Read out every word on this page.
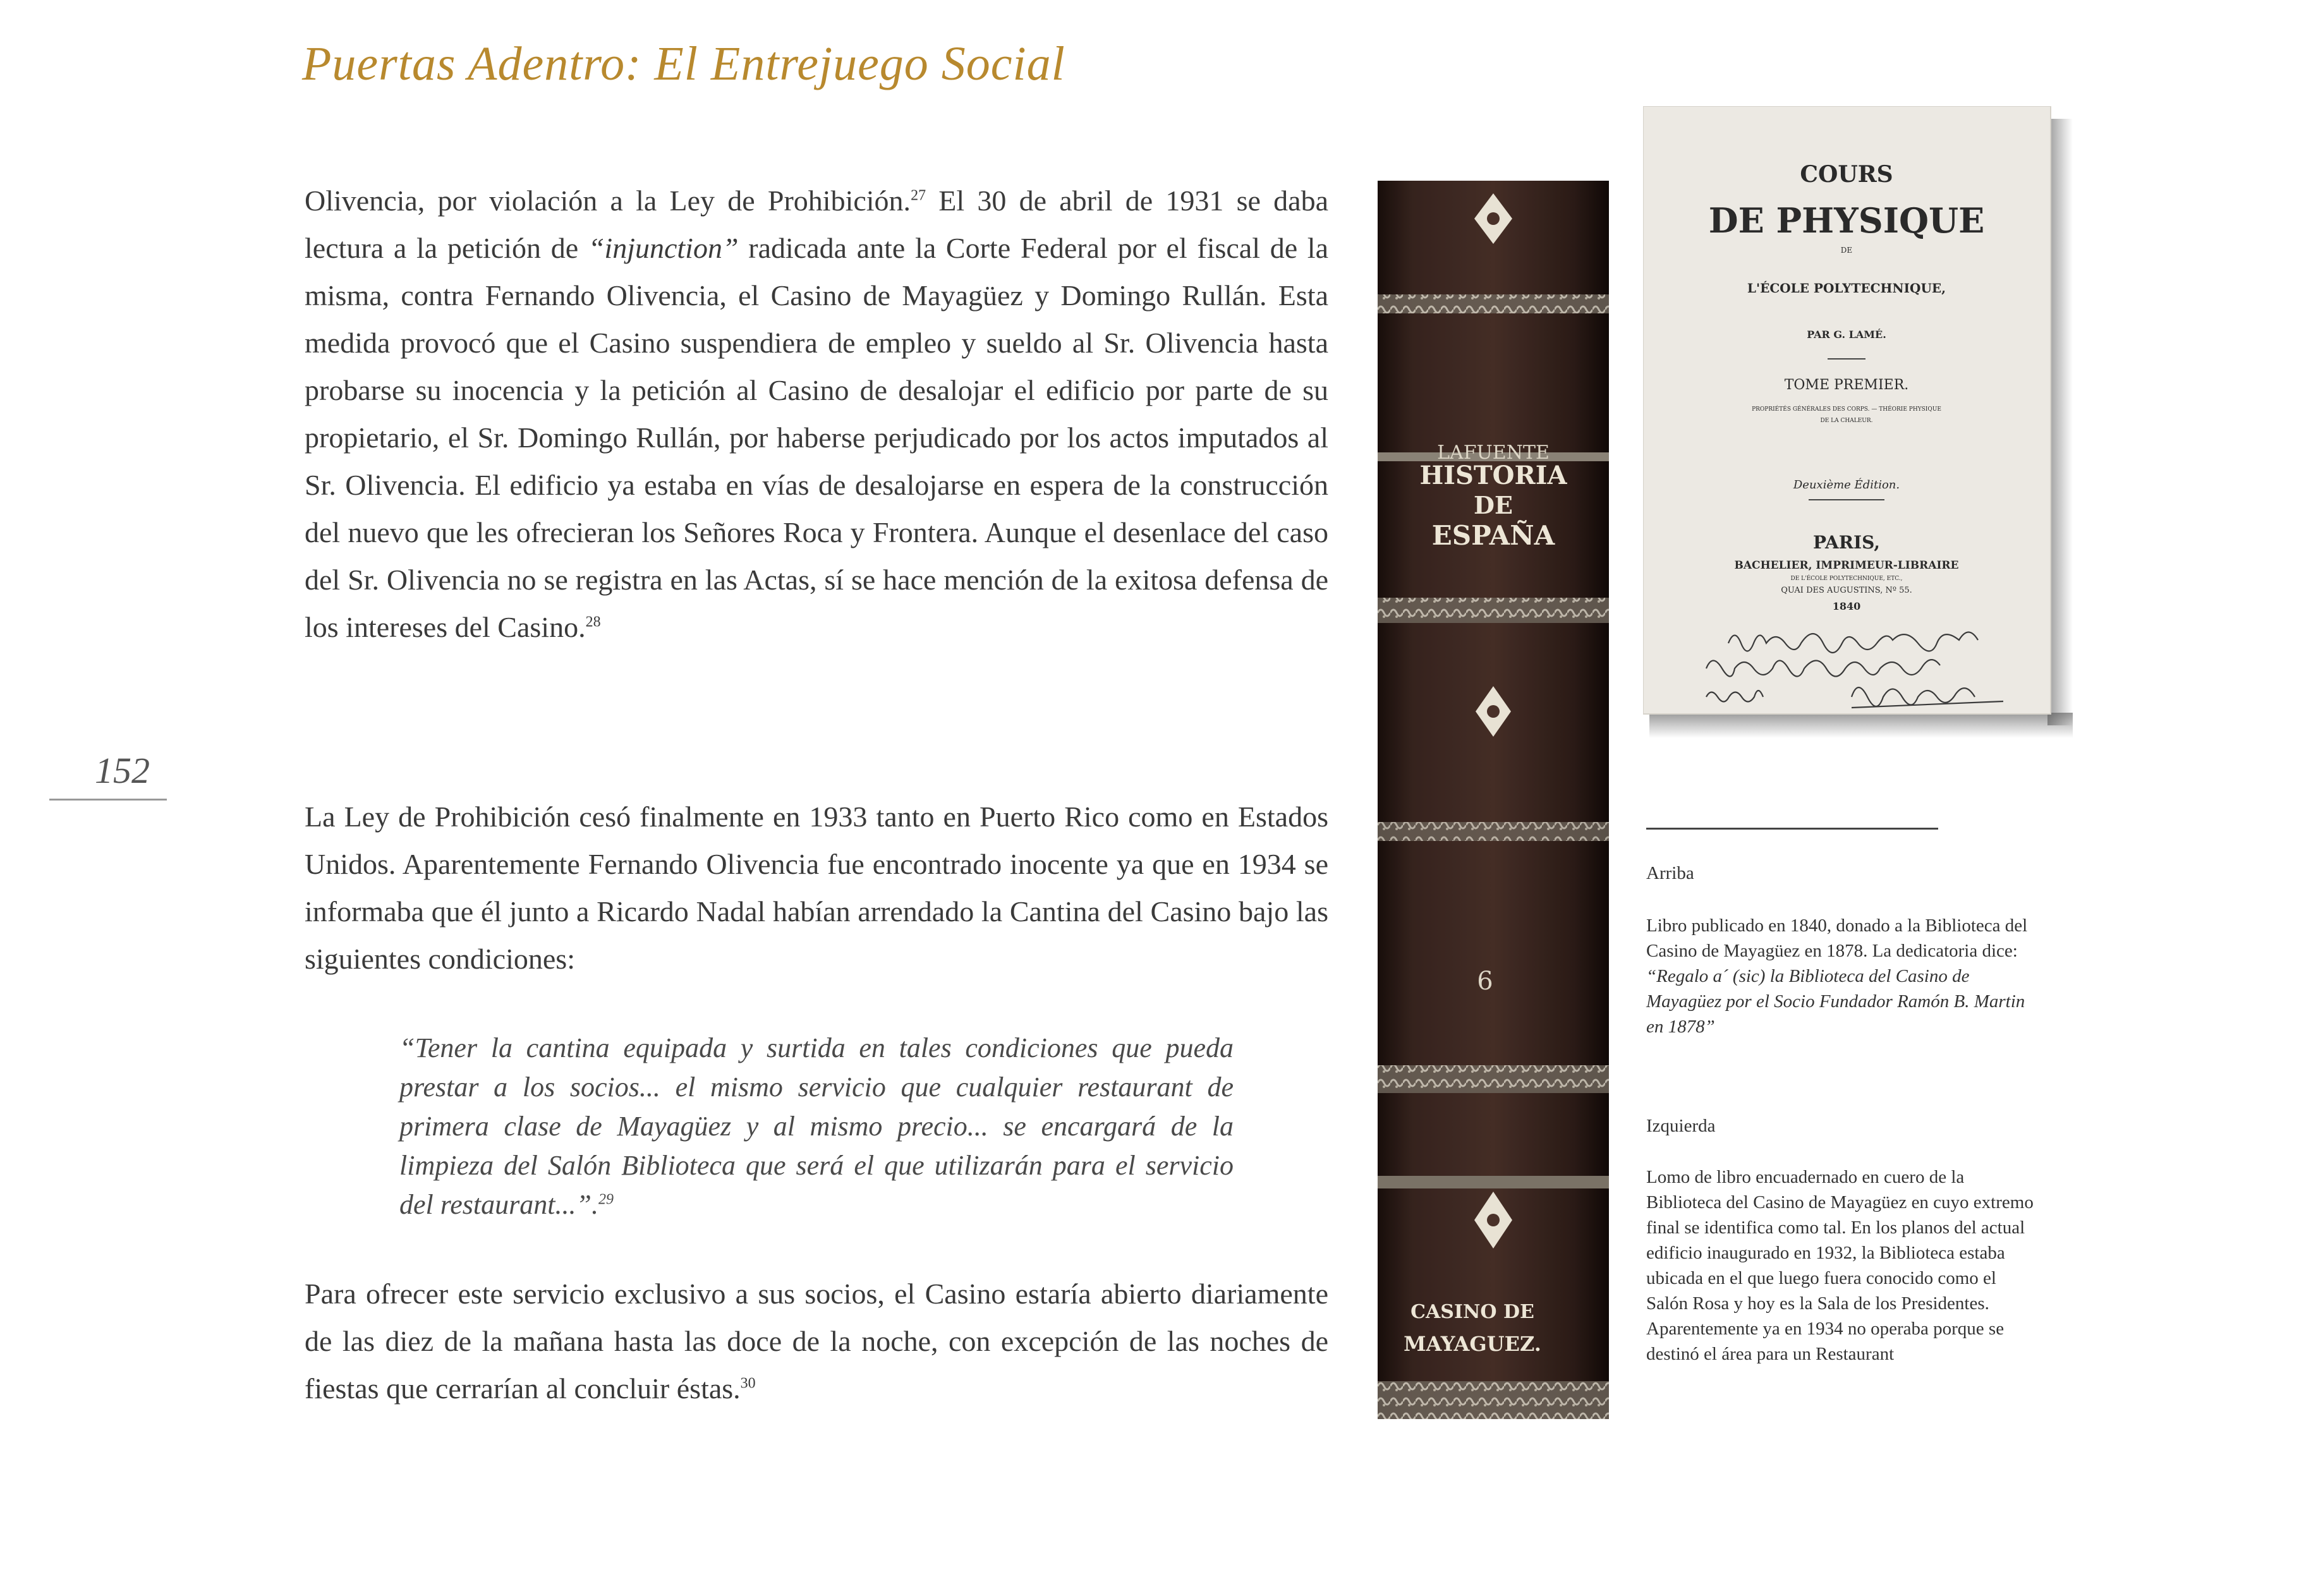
Puertas Adentro: El Entrejuego Social
152

Olivencia, por violación a la Ley de Prohibición.$^{27}$ El 30 de abril de 1931 se daba lectura a la petición de “injunction” radicada ante la Corte Federal por el fiscal de la misma, contra Fernando Olivencia, el Casino de Mayagüez y Domingo Rullán. Esta medida provocó que el Casino suspendiera de empleo y sueldo al Sr. Olivencia hasta probarse su inocencia y la petición al Casino de desalojar el edificio por parte de su propietario, el Sr. Domingo Rullán, por haberse perjudicado por los actos imputados al Sr. Olivencia. El edificio ya estaba en vías de desalojarse en espera de la construcción del nuevo que les ofrecieran los Señores Roca y Frontera. Aunque el desenlace del caso del Sr. Olivencia no se registra en las Actas, sí se hace mención de la exitosa defensa de los intereses del Casino.$^{28}$

La Ley de Prohibición cesó finalmente en 1933 tanto en Puerto Rico como en Estados Unidos. Aparentemente Fernando Olivencia fue encontrado inocente ya que en 1934 se informaba que él junto a Ricardo Nadal habían arrendado la Cantina del Casino bajo las siguientes condiciones:

“Tener la cantina equipada y surtida en tales condiciones que pueda prestar a los socios... el mismo servicio que cualquier restaurant de primera clase de Mayagüez y al mismo precio... se encargará de la limpieza del Salón Biblioteca que será el que utilizarán para el servicio del restaurant...”.$^{29}$

Para ofrecer este servicio exclusivo a sus socios, el Casino estaría abierto diariamente de las diez de la mañana hasta las doce de la noche, con excepción de las noches de fiestas que cerrarían al concluir éstas.$^{30}$

LAFUENTE
HISTORIA
DE
ESPAÑA
6
CASINO DE
MAYAGUEZ.
COURS
DE PHYSIQUE
DE
L'ÉCOLE POLYTECHNIQUE,
PAR G. LAMÉ.
TOME PREMIER.
PROPRIÉTÉS GÉNÉRALES DES CORPS. — THÉORIE PHYSIQUE
DE LA CHALEUR.
Deuxième Édition.
PARIS,
BACHELIER, IMPRIMEUR-LIBRAIRE
DE L'ÉCOLE POLYTECHNIQUE, ETC.,
QUAI DES AUGUSTINS, Nº 55.
1840

Arriba

Libro publicado en 1840, donado a la Biblioteca del Casino de Mayagüez en 1878. La dedicatoria dice: “Regalo a´ (sic) la Biblioteca del Casino de Mayagüez por el Socio Fundador Ramón B. Martin en 1878”

Izquierda

Lomo de libro encuadernado en cuero de la Biblioteca del Casino de Mayagüez en cuyo extremo final se identifica como tal. En los planos del actual edificio inaugurado en 1932, la Biblioteca estaba ubicada en el que luego fuera conocido como el Salón Rosa y hoy es la Sala de los Presidentes. Aparentemente ya en 1934 no operaba porque se destinó el área para un Restaurant
